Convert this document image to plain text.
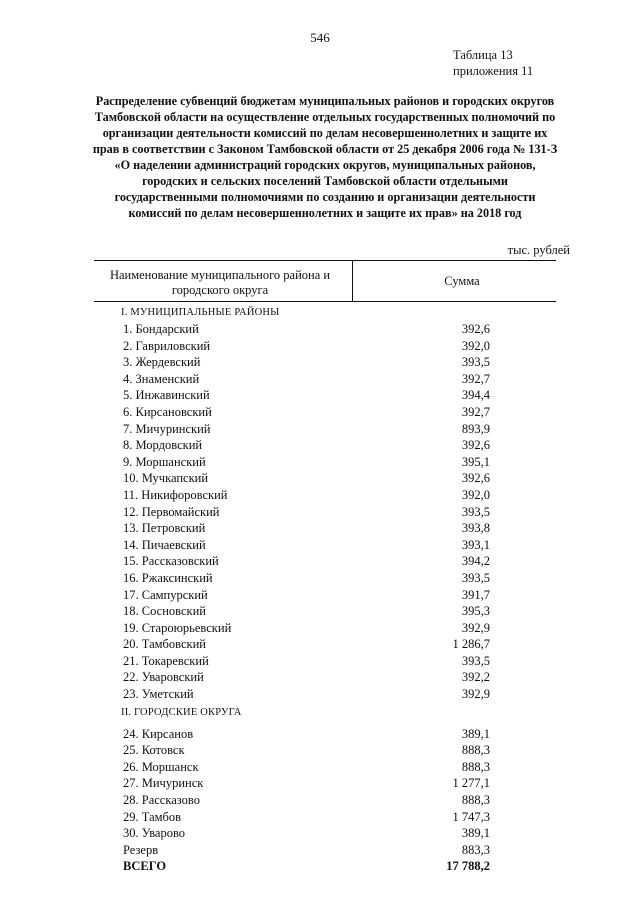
546
Таблица 13
приложения 11
Распределение субвенций бюджетам муниципальных районов и городских округов Тамбовской области на осуществление отдельных государственных полномочий по организации деятельности комиссий по делам несовершеннолетних и защите их прав в соответствии с Законом Тамбовской области от 25 декабря 2006 года № 131-З «О наделении администраций городских округов, муниципальных районов, городских и сельских поселений Тамбовской области отдельными государственными полномочиями по созданию и организации деятельности комиссий по делам несовершеннолетних и защите их прав» на 2018 год
тыс. рублей
Наименование муниципального района и городского округа
Сумма
I. МУНИЦИПАЛЬНЫЕ РАЙОНЫ
1. Бондарский	392,6
2. Гавриловский	392,0
3. Жердевский	393,5
4. Знаменский	392,7
5. Инжавинский	394,4
6. Кирсановский	392,7
7. Мичуринский	893,9
8. Мордовский	392,6
9. Моршанский	395,1
10. Мучкапский	392,6
11. Никифоровский	392,0
12. Первомайский	393,5
13. Петровский	393,8
14. Пичаевский	393,1
15. Рассказовский	394,2
16. Ржаксинский	393,5
17. Сампурский	391,7
18. Сосновский	395,3
19. Староюрьевский	392,9
20. Тамбовский	1 286,7
21. Токаревский	393,5
22. Уваровский	392,2
23. Уметский	392,9
II. ГОРОДСКИЕ ОКРУГА
24. Кирсанов	389,1
25. Котовск	888,3
26. Моршанск	888,3
27. Мичуринск	1 277,1
28. Рассказово	888,3
29. Тамбов	1 747,3
30. Уварово	389,1
Резерв	883,3
ВСЕГО	17 788,2
